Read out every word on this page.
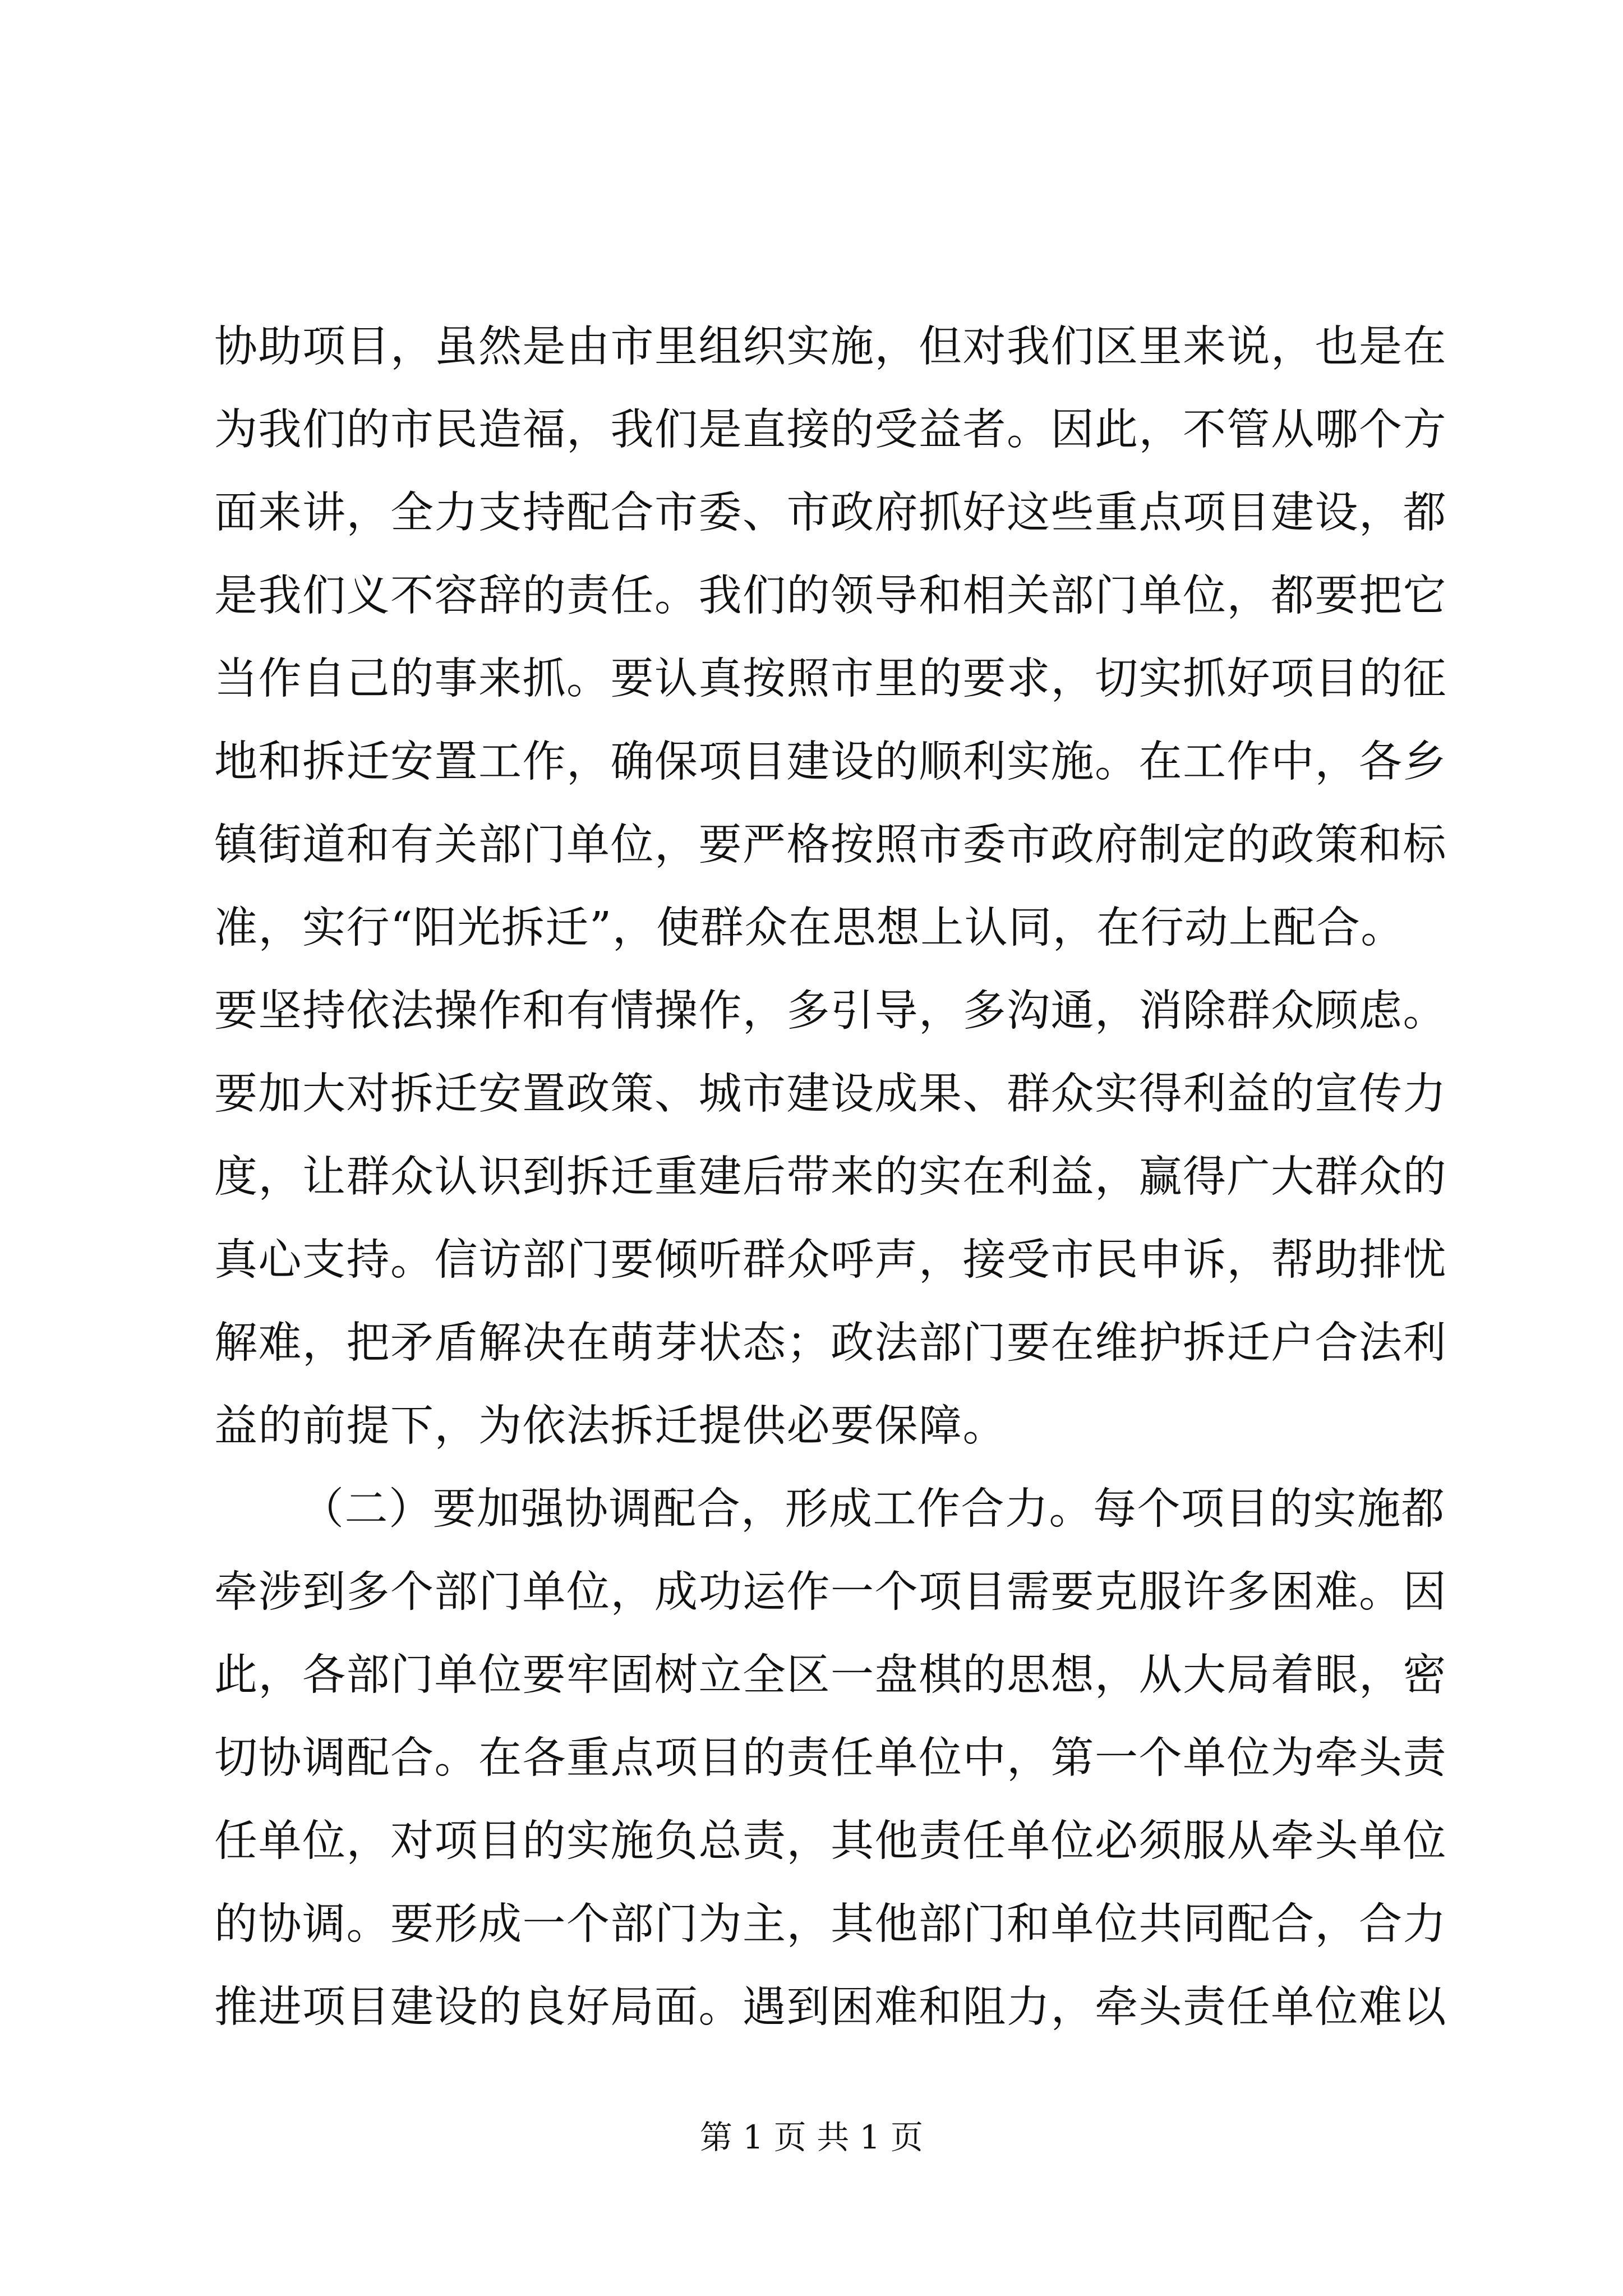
协助项目，虽然是由市里组织实施，但对我们区里来说，也是在
为我们的市民造福，我们是直接的受益者。因此，不管从哪个方
面来讲，全力支持配合市委、市政府抓好这些重点项目建设，都
是我们义不容辞的责任。我们的领导和相关部门单位，都要把它
当作自己的事来抓。要认真按照市里的要求，切实抓好项目的征
地和拆迁安置工作，确保项目建设的顺利实施。在工作中，各乡
镇街道和有关部门单位，要严格按照市委市政府制定的政策和标
准，实行“阳光拆迁”，使群众在思想上认同，在行动上配合。
要坚持依法操作和有情操作，多引导，多沟通，消除群众顾虑。
要加大对拆迁安置政策、城市建设成果、群众实得利益的宣传力
度，让群众认识到拆迁重建后带来的实在利益，赢得广大群众的
真心支持。信访部门要倾听群众呼声，接受市民申诉，帮助排忧
解难，把矛盾解决在萌芽状态；政法部门要在维护拆迁户合法利
益的前提下，为依法拆迁提供必要保障。
（二）要加强协调配合，形成工作合力。每个项目的实施都
牵涉到多个部门单位，成功运作一个项目需要克服许多困难。因
此，各部门单位要牢固树立全区一盘棋的思想，从大局着眼，密
切协调配合。在各重点项目的责任单位中，第一个单位为牵头责
任单位，对项目的实施负总责，其他责任单位必须服从牵头单位
的协调。要形成一个部门为主，其他部门和单位共同配合，合力
推进项目建设的良好局面。遇到困难和阻力，牵头责任单位难以
第 1 页 共 1 页
